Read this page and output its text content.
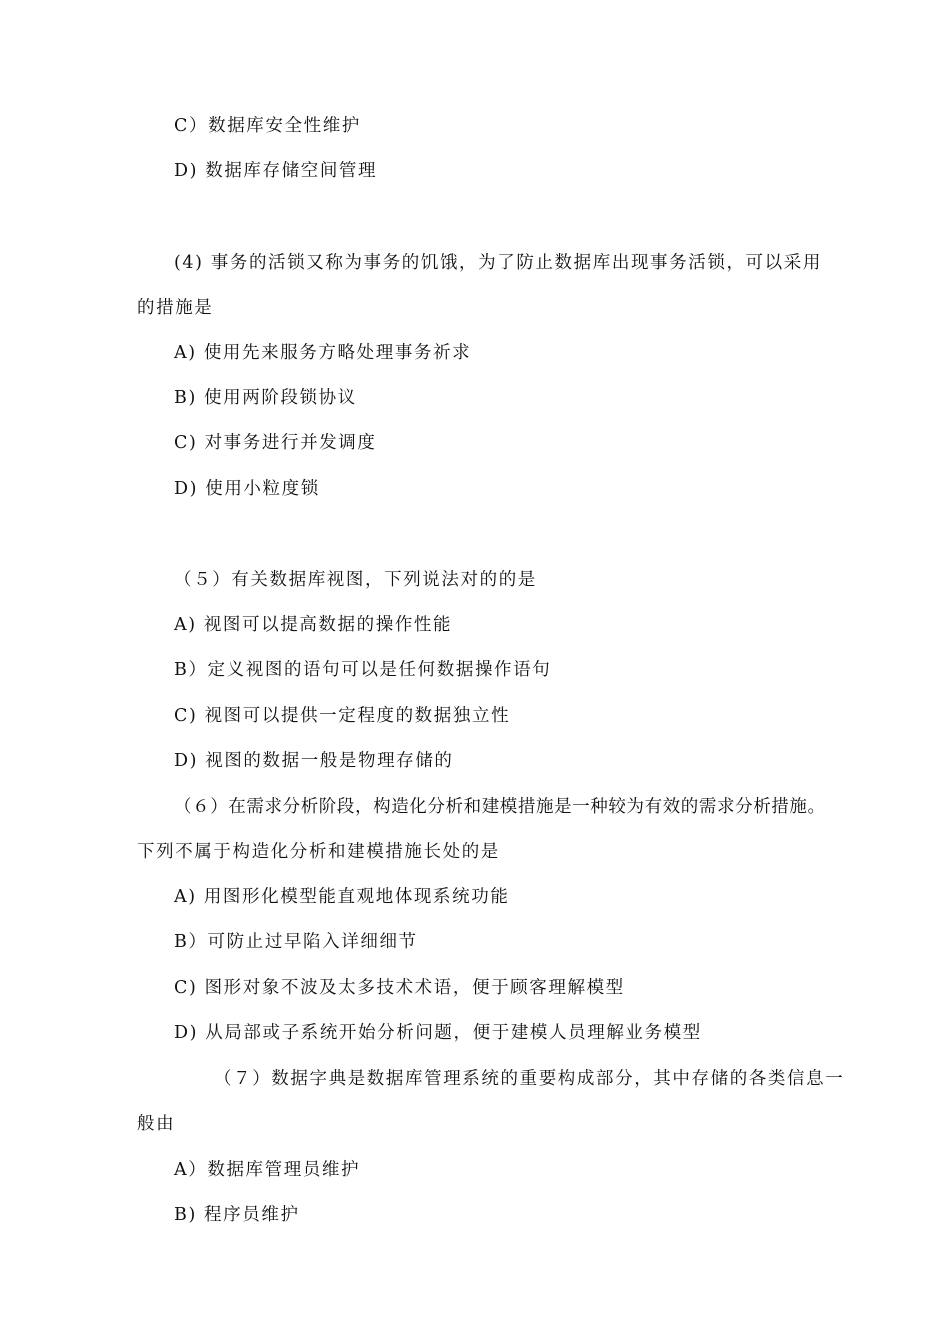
C）数据库安全性维护
D) 数据库存储空间管理
(4) 事务的活锁又称为事务的饥饿，为了防止数据库出现事务活锁，可以采用
的措施是
A) 使用先来服务方略处理事务祈求
B) 使用两阶段锁协议
C) 对事务进行并发调度
D) 使用小粒度锁
（５）有关数据库视图，下列说法对的的是
A) 视图可以提高数据的操作性能
B）定义视图的语句可以是任何数据操作语句
C) 视图可以提供一定程度的数据独立性
D) 视图的数据一般是物理存储的
（６）在需求分析阶段，构造化分析和建模措施是一种较为有效的需求分析措施。
下列不属于构造化分析和建模措施长处的是
A) 用图形化模型能直观地体现系统功能
B）可防止过早陷入详细细节
C) 图形对象不波及太多技术术语，便于顾客理解模型
D) 从局部或子系统开始分析问题，便于建模人员理解业务模型
（７）数据字典是数据库管理系统的重要构成部分，其中存储的各类信息一
般由
A）数据库管理员维护
B) 程序员维护
